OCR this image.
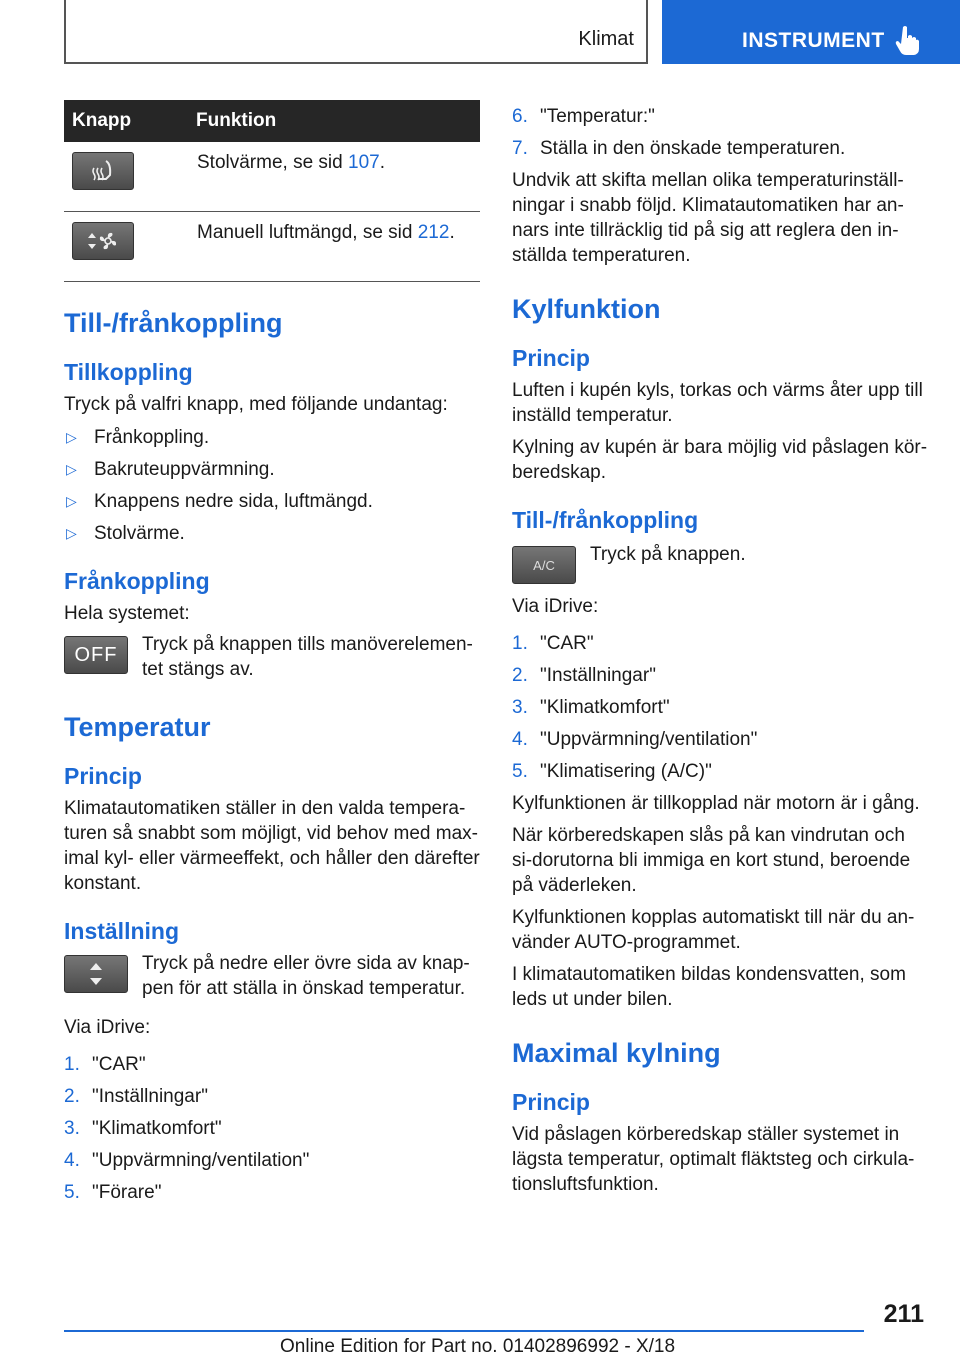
Klimat	INSTRUMENT
Knapp	Funktion

	Stolvärme, se sid 107.

	Manuell luftmängd, se sid 212.
Till-/frånkoppling
Tillkoppling

Tryck på valfri knapp, med följande undantag:

▷ Frånkoppling.
▷ Bakruteuppvärmning.
▷ Knappens nedre sida, luftmängd.
▷ Stolvärme.
Frånkoppling

Hela systemet:

OFF	Tryck på knappen tills manöverelemen-tet stängs av.

Temperatur
Princip

Klimatautomatiken ställer in den valda tempera-turen så snabbt som möjligt, vid behov med max-imal kyl- eller värmeeffekt, och håller den därefter konstant.

Inställning

Tryck på nedre eller övre sida av knap-pen för att ställa in önskad temperatur.

Via iDrive:

1. "CAR"
2. "Inställningar"
3. "Klimatkomfort"
4. "Uppvärmning/ventilation"
5. "Förare"
6. "Temperatur:"
7. Ställa in den önskade temperaturen.

Undvik att skifta mellan olika temperaturinställ-ningar i snabb följd. Klimatautomatiken har an-nars inte tillräcklig tid på sig att reglera den in-ställda temperaturen.

Kylfunktion
Princip

Luften i kupén kyls, torkas och värms åter upp till inställd temperatur.

Kylning av kupén är bara möjlig vid påslagen kör-beredskap.

Till-/frånkoppling
A/C	Tryck på knappen.

Via iDrive:

1. "CAR"
2. "Inställningar"
3. "Klimatkomfort"
4. "Uppvärmning/ventilation"
5. "Klimatisering (A/C)"

Kylfunktionen är tillkopplad när motorn är i gång.

När körberedskapen slås på kan vindrutan och si-dorutorna bli immiga en kort stund, beroende på väderleken.

Kylfunktionen kopplas automatiskt till när du an-vänder AUTO-programmet.

I klimatautomatiken bildas kondensvatten, som leds ut under bilen.

Maximal kylning
Princip

Vid påslagen körberedskap ställer systemet in lägsta temperatur, optimalt fläktsteg och cirkula-tionsluftsfunktion.

211
Online Edition for Part no. 01402896992 - X/18
